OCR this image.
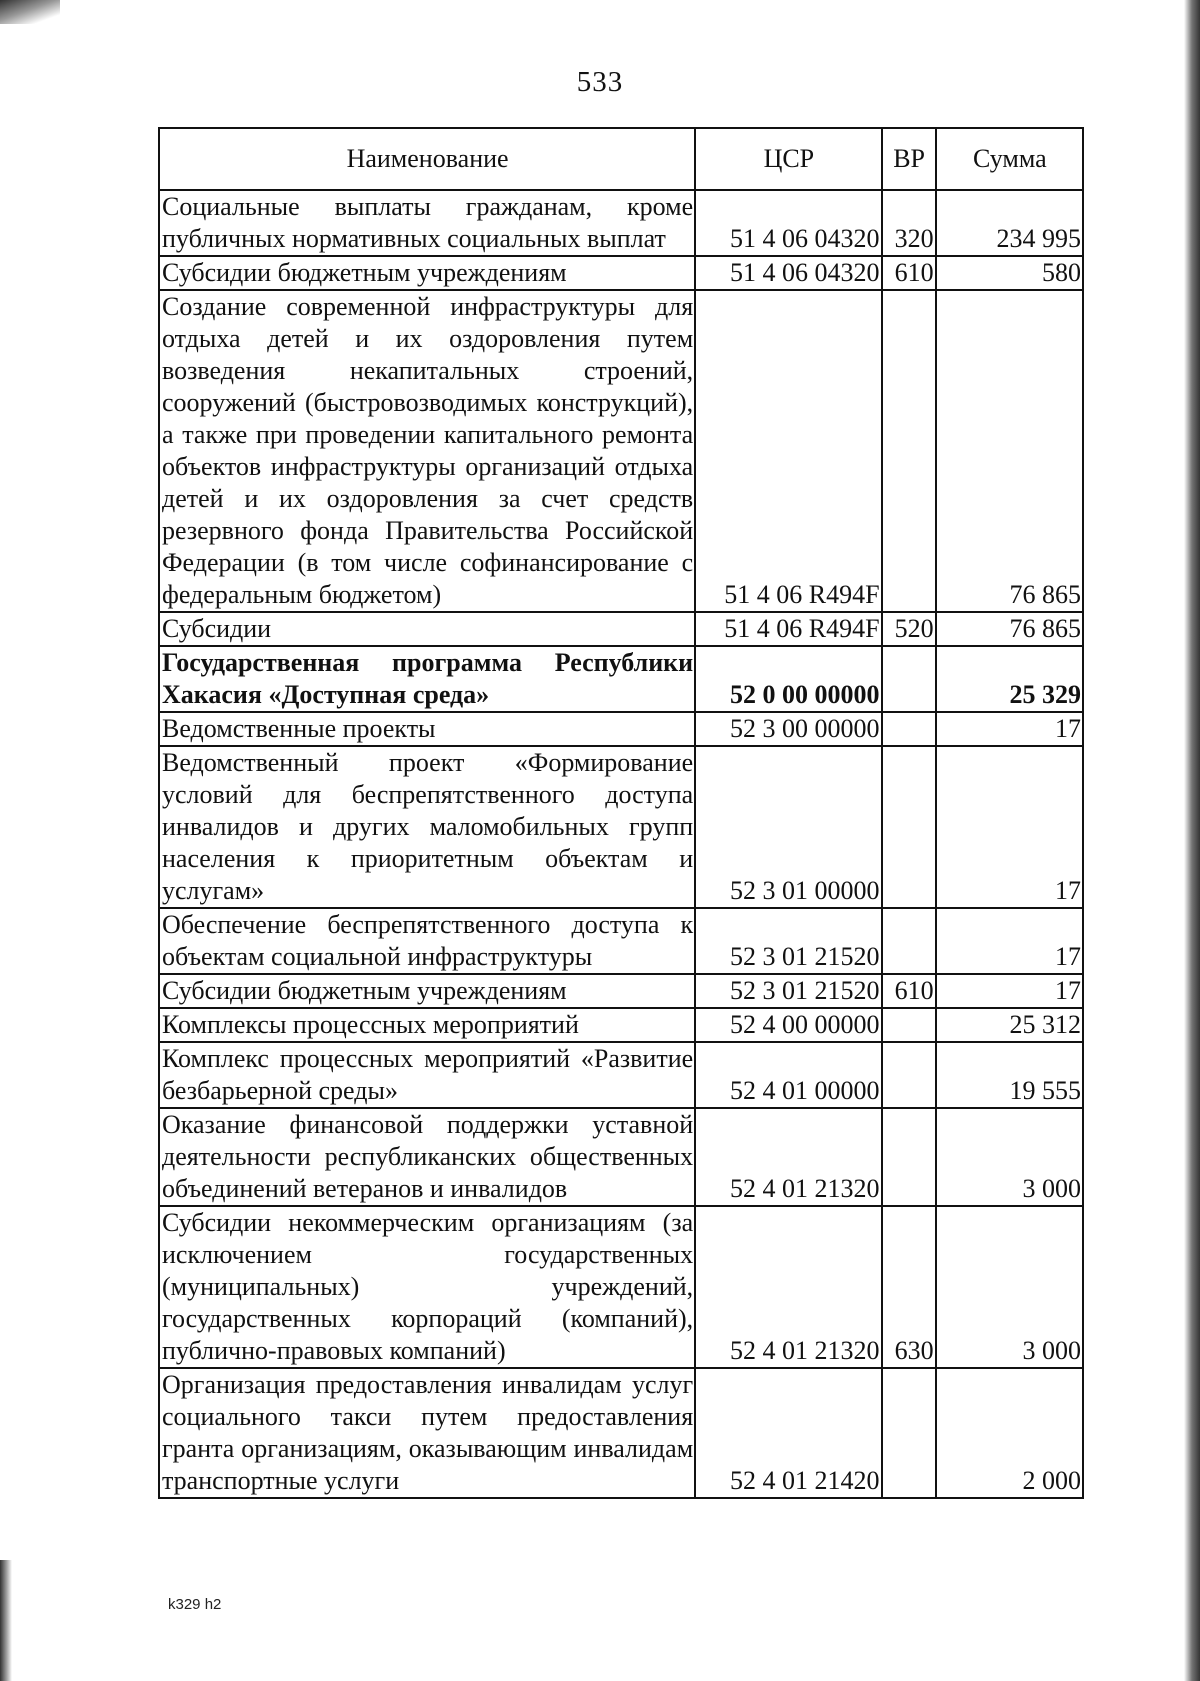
533
Наименование	ЦСР	ВР	Сумма
Социальные выплаты гражданам, кроме публичных нормативных социальных выплат	51 4 06 04320	320	234 995
Субсидии бюджетным учреждениям	51 4 06 04320	610	580
Создание современной инфраструктуры для отдыха детей и их оздоровления путем возведения некапитальных строений, сооружений (быстровозводимых конструкций), а также при проведении капитального ремонта объектов инфраструктуры организаций отдыха детей и их оздоровления за счет средств резервного фонда Правительства Российской Федерации (в том числе софинансирование с федеральным бюджетом)	51 4 06 R494F		76 865
Субсидии	51 4 06 R494F	520	76 865
Государственная программа Республики Хакасия «Доступная среда»	52 0 00 00000		25 329
Ведомственные проекты	52 3 00 00000		17
Ведомственный проект «Формирование условий для беспрепятственного доступа инвалидов и других маломобильных групп населения к приоритетным объектам и услугам»	52 3 01 00000		17
Обеспечение беспрепятственного доступа к объектам социальной инфраструктуры	52 3 01 21520		17
Субсидии бюджетным учреждениям	52 3 01 21520	610	17
Комплексы процессных мероприятий	52 4 00 00000		25 312
Комплекс процессных мероприятий «Развитие безбарьерной среды»	52 4 01 00000		19 555
Оказание финансовой поддержки уставной деятельности республиканских общественных объединений ветеранов и инвалидов	52 4 01 21320		3 000
Субсидии некоммерческим организациям (за исключением государственных (муниципальных) учреждений, государственных корпораций (компаний), публично-правовых компаний)	52 4 01 21320	630	3 000
Организация предоставления инвалидам услуг социального такси путем предоставления гранта организациям, оказывающим инвалидам транспортные услуги	52 4 01 21420		2 000
k329 h2
